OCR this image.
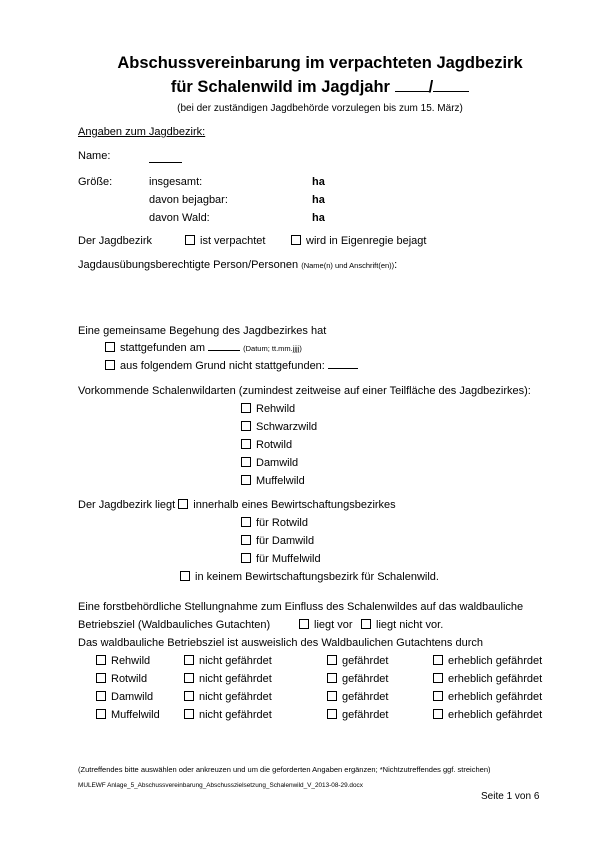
Abschussvereinbarung im verpachteten Jagdbezirk
für Schalenwild im Jagdjahr /
(bei der zuständigen Jagdbehörde vorzulegen bis zum 15. März)
Angaben zum Jagdbezirk:
Name:
Größe:	insgesamt:	ha
davon bejagbar:	ha
davon Wald:	ha
Der Jagdbezirk	ist verpachtet	wird in Eigenregie bejagt
Jagdausübungsberechtigte Person/Personen (Name(n) und Anschrift(en)):
Eine gemeinsame Begehung des Jagdbezirkes hat
stattgefunden am	(Datum; tt.mm.jjjj)
aus folgendem Grund nicht stattgefunden:
Vorkommende Schalenwildarten (zumindest zeitweise auf einer Teilfläche des Jagdbezirkes):
Rehwild
Schwarzwild
Rotwild
Damwild
Muffelwild
Der Jagdbezirk liegt innerhalb eines Bewirtschaftungsbezirkes
für Rotwild
für Damwild
für Muffelwild
in keinem Bewirtschaftungsbezirk für Schalenwild.
Eine forstbehördliche Stellungnahme zum Einfluss des Schalenwildes auf das waldbauliche
Betriebsziel (Waldbauliches Gutachten)	liegt vor	liegt nicht vor.
Das waldbauliche Betriebsziel ist ausweislich des Waldbaulichen Gutachtens durch
Rehwild	nicht gefährdet	gefährdet	erheblich gefährdet
Rotwild	nicht gefährdet	gefährdet	erheblich gefährdet
Damwild	nicht gefährdet	gefährdet	erheblich gefährdet
Muffelwild	nicht gefährdet	gefährdet	erheblich gefährdet
(Zutreffendes bitte auswählen oder ankreuzen und um die geforderten Angaben ergänzen; *Nichtzutreffendes ggf. streichen)
MULEWF Anlage_5_Abschussvereinbarung_Abschusszielsetzung_Schalenwild_V_2013-08-29.docx
Seite 1 von 6
